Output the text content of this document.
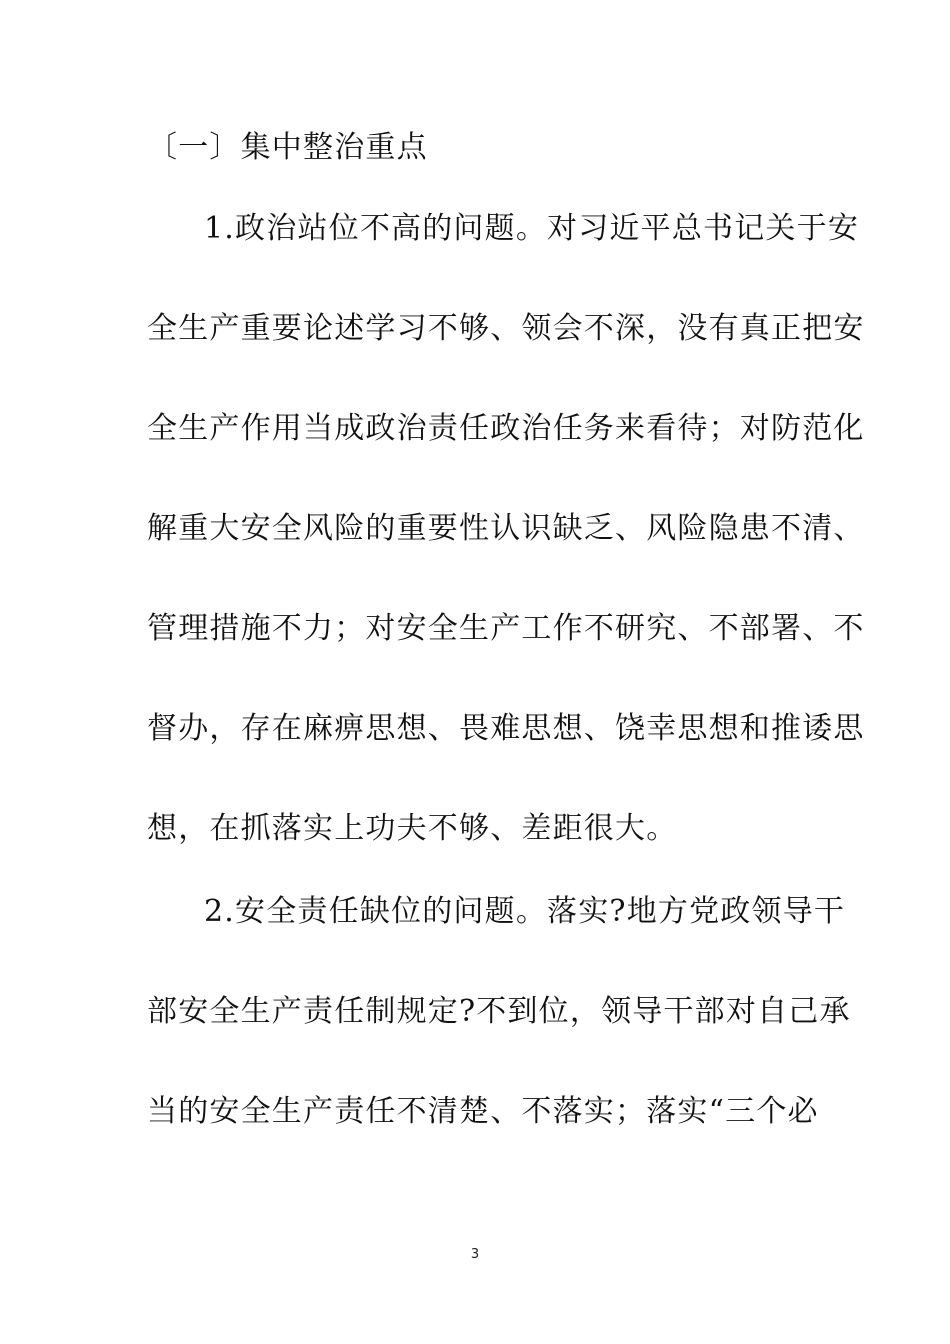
〔一〕集中整治重点
1.政治站位不高的问题。对习近平总书记关于安
全生产重要论述学习不够、领会不深，没有真正把安
全生产作用当成政治责任政治任务来看待；对防范化
解重大安全风险的重要性认识缺乏、风险隐患不清、
管理措施不力；对安全生产工作不研究、不部署、不
督办，存在麻痹思想、畏难思想、饶幸思想和推诿思
想，在抓落实上功夫不够、差距很大。
2.安全责任缺位的问题。落实?地方党政领导干
部安全生产责任制规定?不到位，领导干部对自己承
当的安全生产责任不清楚、不落实；落实“三个必
3
